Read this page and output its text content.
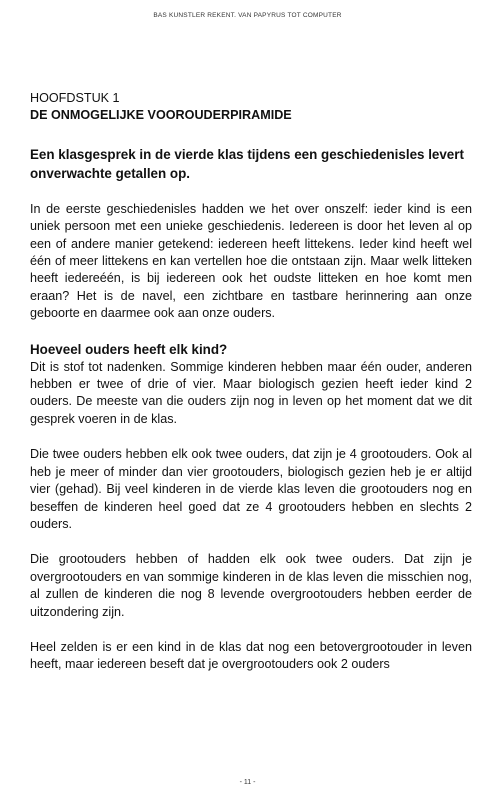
BAS KUNSTLER REKENT. VAN PAPYRUS TOT COMPUTER
HOOFDSTUK 1
DE ONMOGELIJKE VOOROUDERPIRAMIDE
Een klasgesprek in de vierde klas tijdens een geschiedenisles levert onverwachte getallen op.

In de eerste geschiedenisles hadden we het over onszelf: ieder kind is een uniek persoon met een unieke geschiedenis. Iedereen is door het leven al op een of andere manier getekend: iedereen heeft littekens. Ieder kind heeft wel één of meer littekens en kan vertellen hoe die ontstaan zijn. Maar welk litteken heeft iedereéén, is bij iedereen ook het oudste litteken en hoe komt men eraan? Het is de navel, een zichtbare en tastbare herinnering aan onze geboorte en daarmee ook aan onze ouders.

Hoeveel ouders heeft elk kind?

Dit is stof tot nadenken. Sommige kinderen hebben maar één ouder, anderen hebben er twee of drie of vier. Maar biologisch gezien heeft ieder kind 2 ouders. De meeste van die ouders zijn nog in leven op het moment dat we dit gesprek voeren in de klas.

Die twee ouders hebben elk ook twee ouders, dat zijn je 4 grootouders. Ook al heb je meer of minder dan vier grootouders, biologisch gezien heb je er altijd vier (gehad). Bij veel kinderen in de vierde klas leven die grootouders nog en beseffen de kinderen heel goed dat ze 4 grootouders hebben en slechts 2 ouders.

Die grootouders hebben of hadden elk ook twee ouders. Dat zijn je overgrootouders en van sommige kinderen in de klas leven die misschien nog, al zullen de kinderen die nog 8 levende overgrootouders hebben eerder de uitzondering zijn.

Heel zelden is er een kind in de klas dat nog een betovergrootouder in leven heeft, maar iedereen beseft dat je overgrootouders ook 2 ouders

- 11 -
